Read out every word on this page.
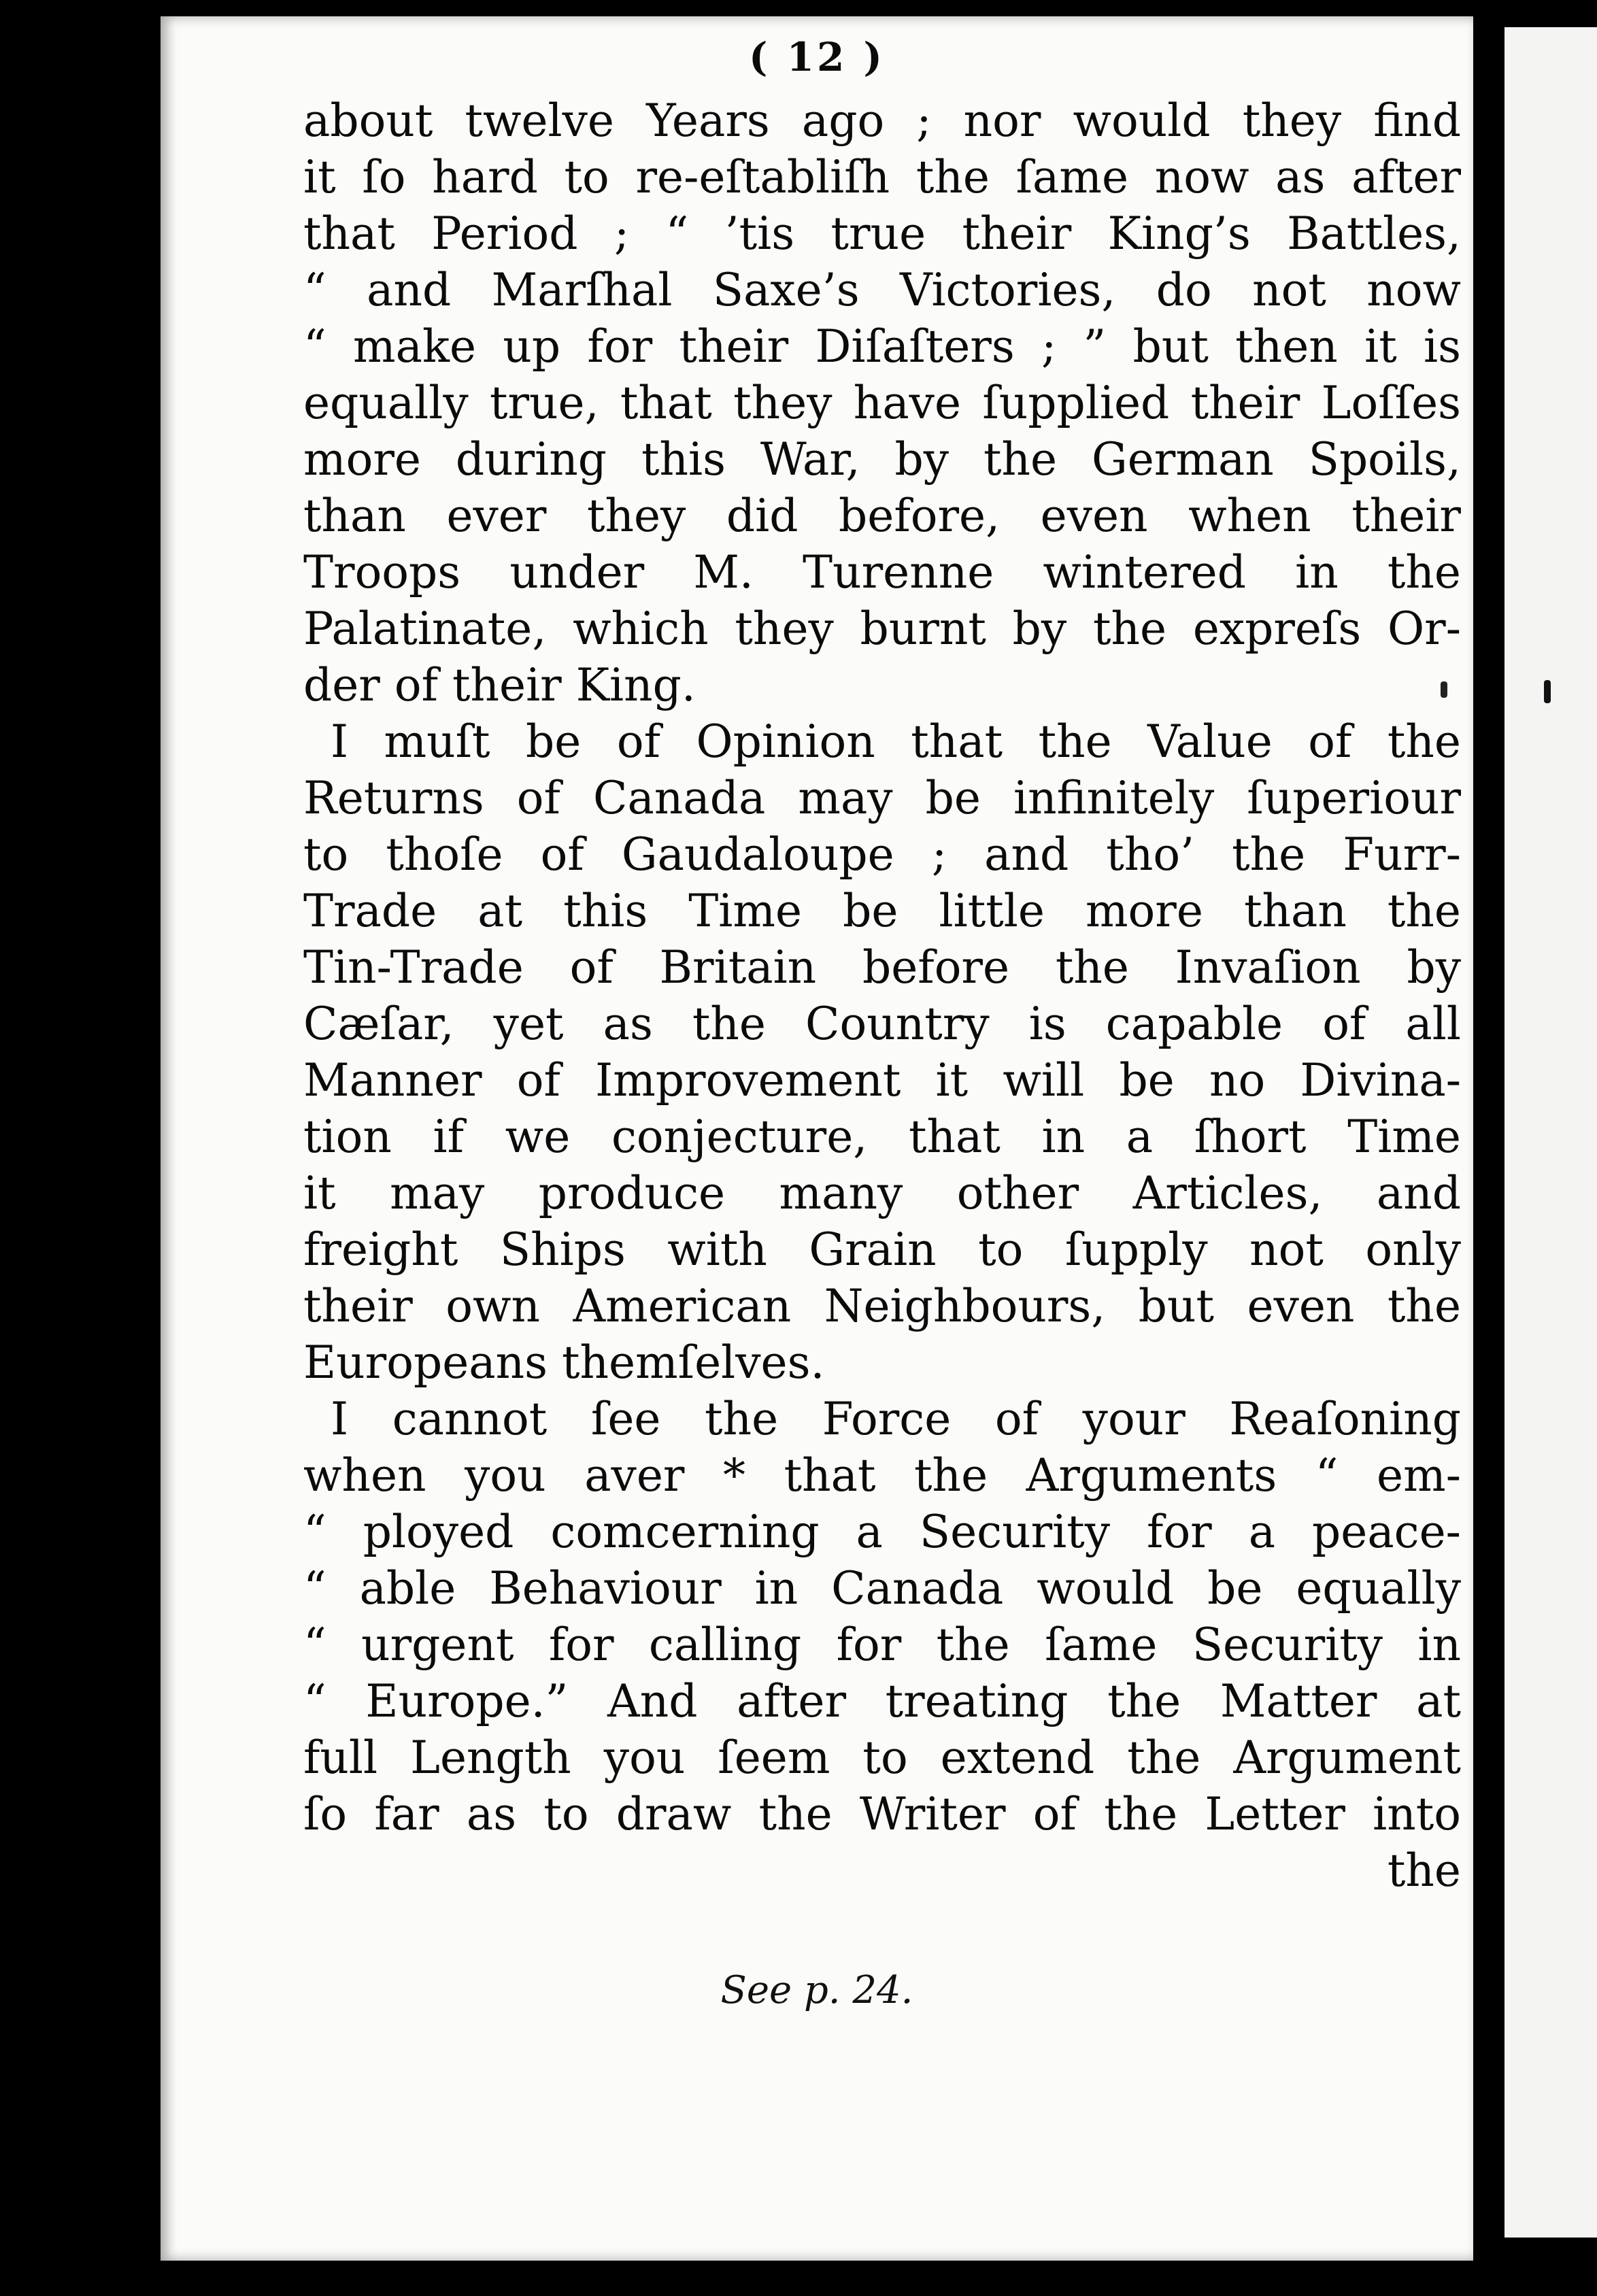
( 12 )
about twelve Years ago ; nor would they find
it ſo hard to re-eſtabliſh the ſame now as after
that Period ; “ ’tis true their King’s Battles,
“ and Marſhal Saxe’s Victories, do not now
“ make up for their Diſaſters ; ” but then it is
equally true, that they have ſupplied their Loſſes
more during this War, by the German Spoils,
than ever they did before, even when their
Troops under M. Turenne wintered in the
Palatinate, which they burnt by the expreſs Or-
der of their King.
I muſt be of Opinion that the Value of the
Returns of Canada may be infinitely ſuperiour
to thoſe of Gaudaloupe ; and tho’ the Furr-
Trade at this Time be little more than the
Tin-Trade of Britain before the Invaſion by
Cæſar, yet as the Country is capable of all
Manner of Improvement it will be no Divina-
tion if we conjecture, that in a ſhort Time
it may produce many other Articles, and
freight Ships with Grain to ſupply not only
their own American Neighbours, but even the
Europeans themſelves.
I cannot ſee the Force of your Reaſoning
when you aver * that the Arguments “ em-
“ ployed comcerning a Security for a peace-
“ able Behaviour in Canada would be equally
“ urgent for calling for the ſame Security in
“ Europe.” And after treating the Matter at
full Length you ſeem to extend the Argument
ſo far as to draw the Writer of the Letter into
the
See p. 24.
